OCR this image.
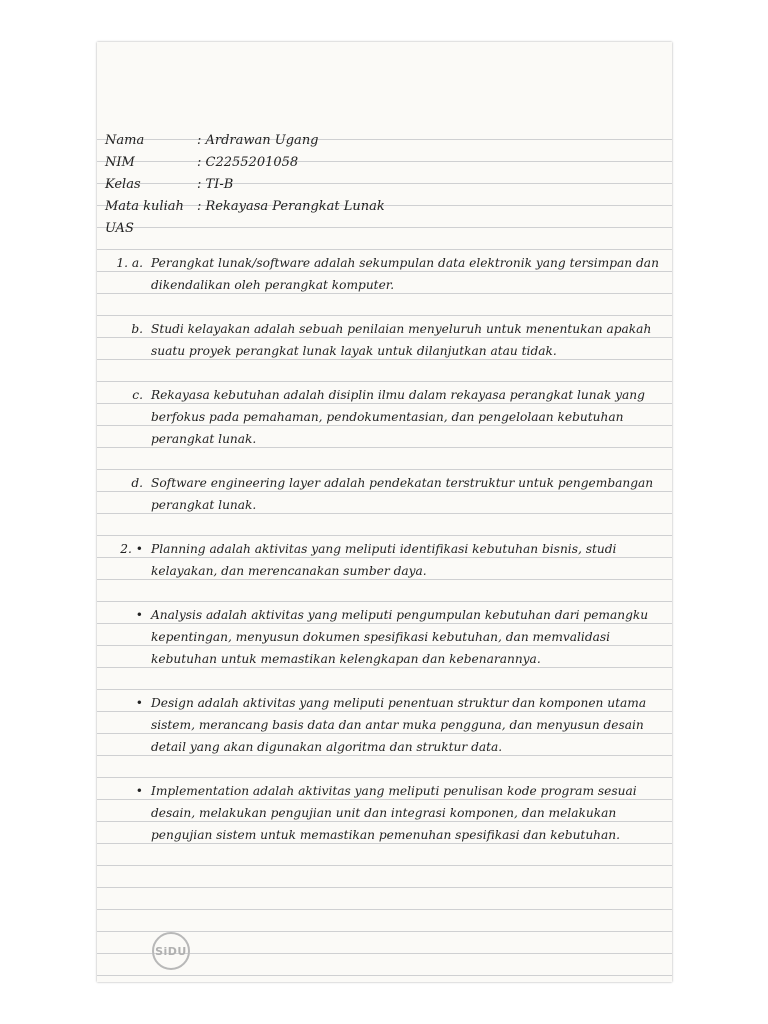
Nama	: Ardrawan Ugang
NIM	: C2255201058
Kelas	: TI-B
Mata kuliah	: Rekayasa Perangkat Lunak
UAS
1. a. Perangkat lunak/software adalah sekumpulan data elektronik yang tersimpan dan dikendalikan oleh perangkat komputer.
b. Studi kelayakan adalah sebuah penilaian menyeluruh untuk menentukan apakah suatu proyek perangkat lunak layak untuk dilanjutkan atau tidak.
c. Rekayasa kebutuhan adalah disiplin ilmu dalam rekayasa perangkat lunak yang berfokus pada pemahaman, pendokumentasian, dan pengelolaan kebutuhan perangkat lunak.
d. Software engineering layer adalah pendekatan terstruktur untuk pengembangan perangkat lunak.
2. • Planning adalah aktivitas yang meliputi identifikasi kebutuhan bisnis, studi kelayakan, dan merencanakan sumber daya.
• Analysis adalah aktivitas yang meliputi pengumpulan kebutuhan dari pemangku kepentingan, menyusun dokumen spesifikasi kebutuhan, dan memvalidasi kebutuhan untuk memastikan kelengkapan dan kebenarannya.
• Design adalah aktivitas yang meliputi penentuan struktur dan komponen utama sistem, merancang basis data dan antar muka pengguna, dan menyusun desain detail yang akan digunakan algoritma dan struktur data.
• Implementation adalah aktivitas yang meliputi penulisan kode program sesuai desain, melakukan pengujian unit dan integrasi komponen, dan melakukan pengujian sistem untuk memastikan pemenuhan spesifikasi dan kebutuhan.
SiDU
